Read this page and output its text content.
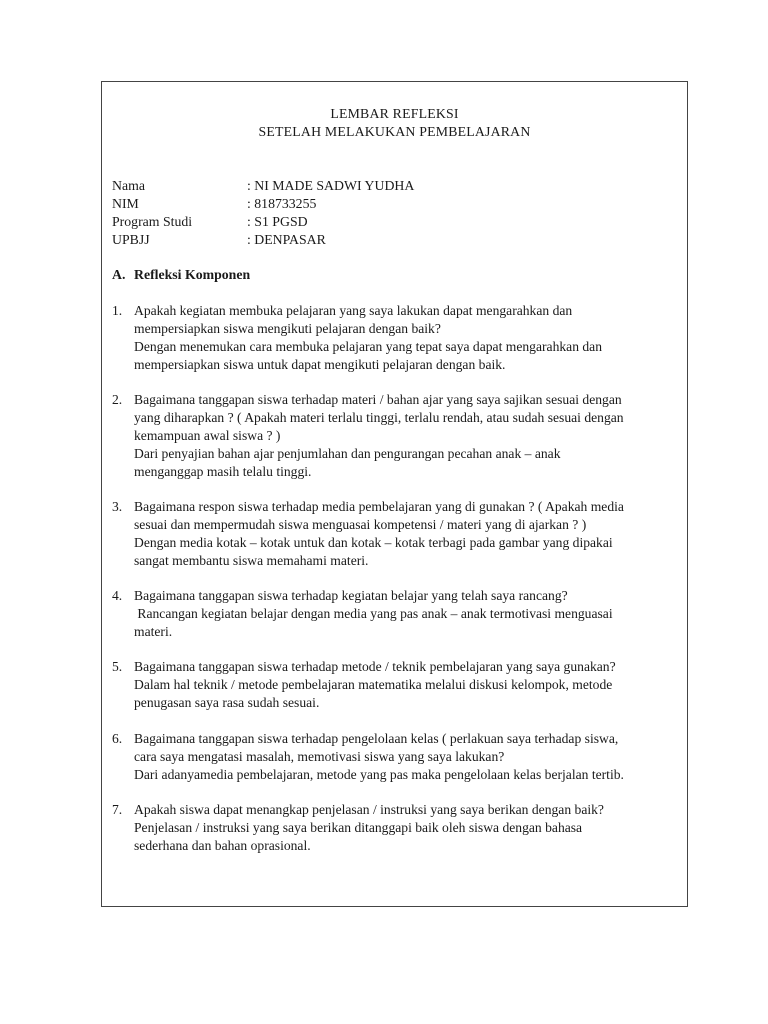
LEMBAR REFLEKSI
SETELAH MELAKUKAN PEMBELAJARAN
Nama	: NI MADE SADWI YUDHA
NIM	: 818733255
Program Studi	: S1 PGSD
UPBJJ	: DENPASAR
A. Refleksi Komponen
1. Apakah kegiatan membuka pelajaran yang saya lakukan dapat mengarahkan dan
mempersiapkan siswa mengikuti pelajaran dengan baik?
Dengan menemukan cara membuka pelajaran yang tepat saya dapat mengarahkan dan
mempersiapkan siswa untuk dapat mengikuti pelajaran dengan baik.
2. Bagaimana tanggapan siswa terhadap materi / bahan ajar yang saya sajikan sesuai dengan
yang diharapkan ? ( Apakah materi terlalu tinggi, terlalu rendah, atau sudah sesuai dengan
kemampuan awal siswa ? )
Dari penyajian bahan ajar penjumlahan dan pengurangan pecahan anak – anak
menganggap masih telalu tinggi.
3. Bagaimana respon siswa terhadap media pembelajaran yang di gunakan ? ( Apakah media
sesuai dan mempermudah siswa menguasai kompetensi / materi yang di ajarkan ? )
Dengan media kotak – kotak untuk dan kotak – kotak terbagi pada gambar yang dipakai
sangat membantu siswa memahami materi.
4. Bagaimana tanggapan siswa terhadap kegiatan belajar yang telah saya rancang?
Rancangan kegiatan belajar dengan media yang pas anak – anak termotivasi menguasai
materi.
5. Bagaimana tanggapan siswa terhadap metode / teknik pembelajaran yang saya gunakan?
Dalam hal teknik / metode pembelajaran matematika melalui diskusi kelompok, metode
penugasan saya rasa sudah sesuai.
6. Bagaimana tanggapan siswa terhadap pengelolaan kelas ( perlakuan saya terhadap siswa,
cara saya mengatasi masalah, memotivasi siswa yang saya lakukan?
Dari adanyamedia pembelajaran, metode yang pas maka pengelolaan kelas berjalan tertib.
7. Apakah siswa dapat menangkap penjelasan / instruksi yang saya berikan dengan baik?
Penjelasan / instruksi yang saya berikan ditanggapi baik oleh siswa dengan bahasa
sederhana dan bahan oprasional.
